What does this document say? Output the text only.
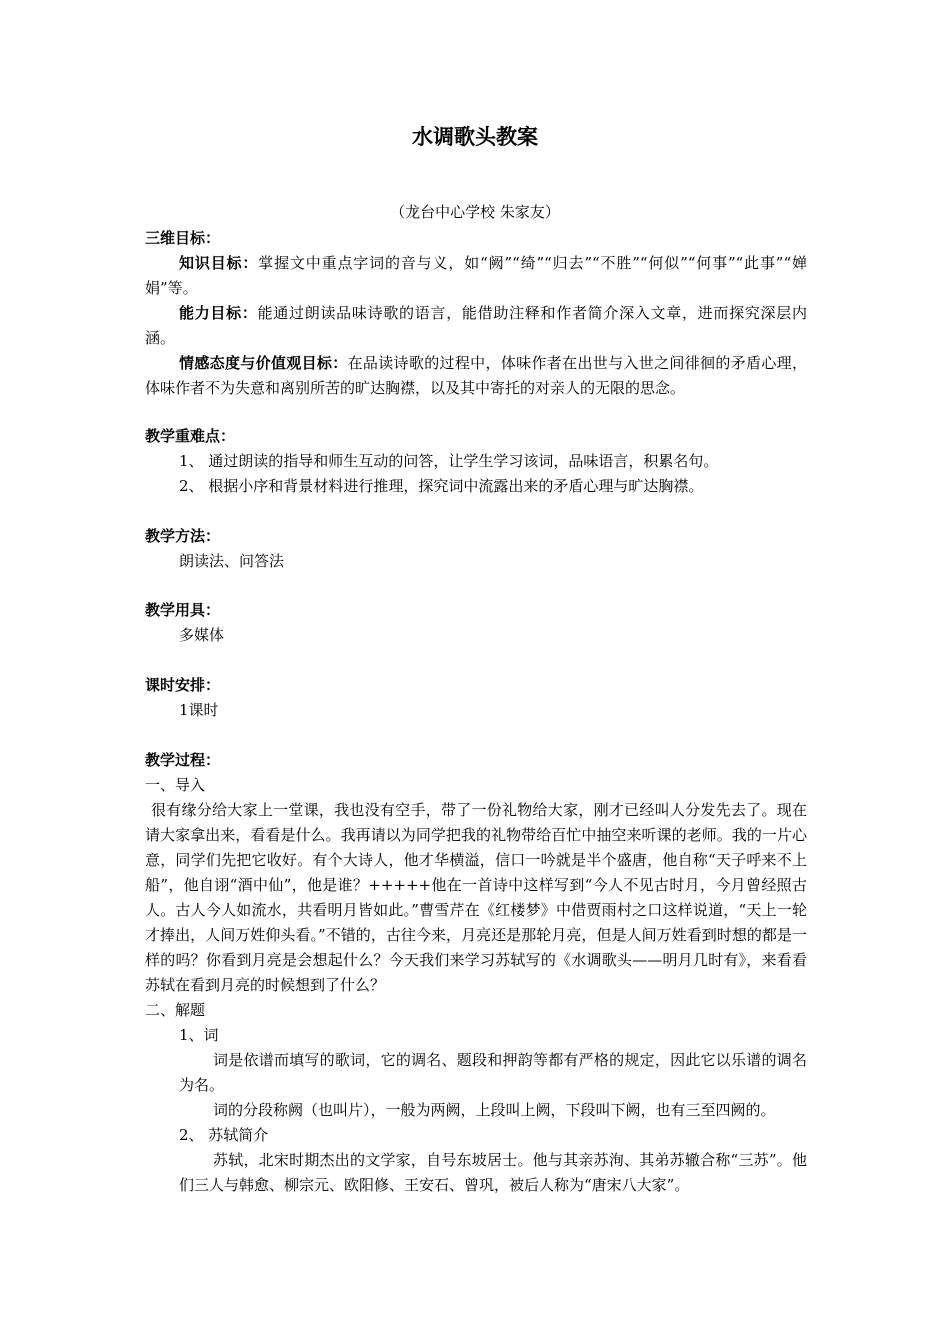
水调歌头教案
（龙台中心学校 朱家友）
三维目标：

知识目标：掌握文中重点字词的音与义，如“阙”“绮”“归去”“不胜”“何似”“何事”“此事”“婵娟”等。

能力目标：能通过朗读品味诗歌的语言，能借助注释和作者简介深入文章，进而探究深层内涵。

情感态度与价值观目标：在品读诗歌的过程中，体味作者在出世与入世之间徘徊的矛盾心理，体味作者不为失意和离别所苦的旷达胸襟，以及其中寄托的对亲人的无限的思念。

教学重难点：

1、 通过朗读的指导和师生互动的问答，让学生学习该词，品味语言，积累名句。

2、 根据小序和背景材料进行推理，探究词中流露出来的矛盾心理与旷达胸襟。

教学方法：

朗读法、问答法

教学用具：

多媒体

课时安排：

1课时

教学过程：

一、导入

很有缘分给大家上一堂课，我也没有空手，带了一份礼物给大家，刚才已经叫人分发先去了。现在请大家拿出来，看看是什么。我再请以为同学把我的礼物带给百忙中抽空来听课的老师。我的一片心意，同学们先把它收好。有个大诗人，他才华横溢，信口一吟就是半个盛唐，他自称“天子呼来不上船”，他自诩“酒中仙”，他是谁？+++++他在一首诗中这样写到“今人不见古时月，今月曾经照古人。古人今人如流水，共看明月皆如此。”曹雪芹在《红楼梦》中借贾雨村之口这样说道，“天上一轮才捧出，人间万姓仰头看。”不错的，古往今来，月亮还是那轮月亮，但是人间万姓看到时想的都是一样的吗？你看到月亮是会想起什么？今天我们来学习苏轼写的《水调歌头——明月几时有》，来看看苏轼在看到月亮的时候想到了什么？

二、解题

1、词

词是依谱而填写的歌词，它的调名、题段和押韵等都有严格的规定，因此它以乐谱的调名为名。

词的分段称阙（也叫片），一般为两阙，上段叫上阙，下段叫下阙，也有三至四阙的。

2、 苏轼简介

苏轼，北宋时期杰出的文学家，自号东坡居士。他与其亲苏洵、其弟苏辙合称“三苏”。他们三人与韩愈、柳宗元、欧阳修、王安石、曾巩，被后人称为“唐宋八大家”。
